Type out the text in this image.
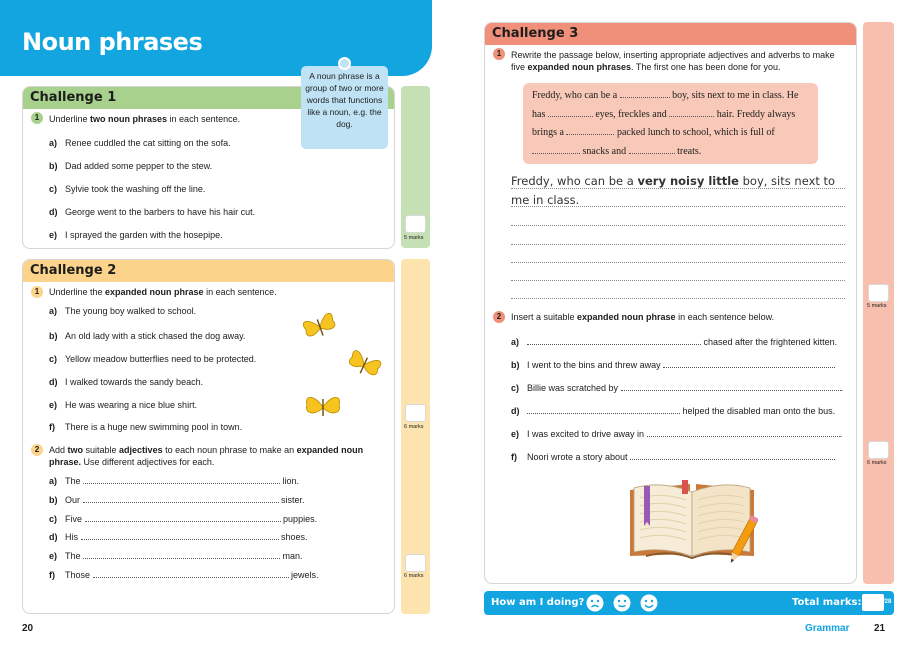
Noun phrases
Challenge 1
5 marks
1	Underline two noun phrases in each sentence.
a) Renee cuddled the cat sitting on the sofa.
b) Dad added some pepper to the stew.
c) Sylvie took the washing off the line.
d) George went to the barbers to have his hair cut.
e) I sprayed the garden with the hosepipe.
A noun phrase is a group of two or more words that functions like a noun, e.g. the dog.
Challenge 2
6 marks
6 marks
1	Underline the expanded noun phrase in each sentence.
a) The young boy walked to school.
b) An old lady with a stick chased the dog away.
c) Yellow meadow butterflies need to be protected.
d) I walked towards the sandy beach.
e) He was wearing a nice blue shirt.
f) There is a huge new swimming pool in town.
2	Add two suitable adjectives to each noun phrase to make an expanded noun phrase. Use different adjectives for each.
a) The	lion.
b) Our	sister.
c) Five	puppies.
d) His	shoes.
e) The	man.
f) Those	jewels.
20
Challenge 3
5 marks
6 marks
1	Rewrite the passage below, inserting appropriate adjectives and adverbs to make five expanded noun phrases. The first one has been done for you.
Freddy, who can be a	boy, sits next to me in class. He
has	eyes, freckles and	hair. Freddy always
brings a	packed lunch to school, which is full of
snacks and	treats.
Freddy, who can be a very noisy little boy, sits next to me in class.
2	Insert a suitable expanded noun phrase in each sentence below.
a)	chased after the frightened kitten.
b) I went to the bins and threw away	.
c) Billie was scratched by	.
d)	helped the disabled man onto the bus.
e) I was excited to drive away in	.
f) Noori wrote a story about	.
How am I doing?	Total marks:	/28
Grammar 21
